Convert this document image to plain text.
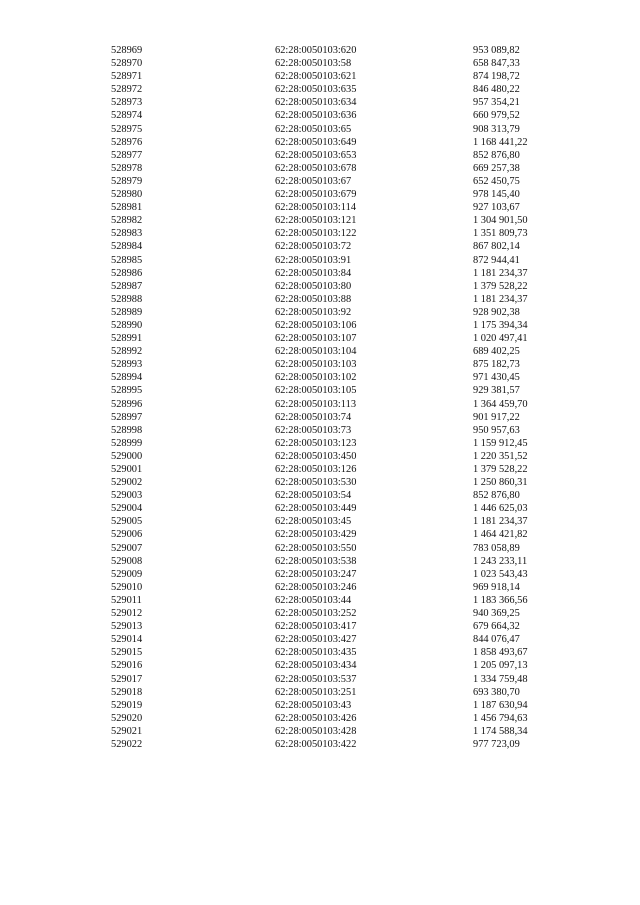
528969	62:28:0050103:620	953 089,82
528970	62:28:0050103:58	658 847,33
528971	62:28:0050103:621	874 198,72
528972	62:28:0050103:635	846 480,22
528973	62:28:0050103:634	957 354,21
528974	62:28:0050103:636	660 979,52
528975	62:28:0050103:65	908 313,79
528976	62:28:0050103:649	1 168 441,22
528977	62:28:0050103:653	852 876,80
528978	62:28:0050103:678	669 257,38
528979	62:28:0050103:67	652 450,75
528980	62:28:0050103:679	978 145,40
528981	62:28:0050103:114	927 103,67
528982	62:28:0050103:121	1 304 901,50
528983	62:28:0050103:122	1 351 809,73
528984	62:28:0050103:72	867 802,14
528985	62:28:0050103:91	872 944,41
528986	62:28:0050103:84	1 181 234,37
528987	62:28:0050103:80	1 379 528,22
528988	62:28:0050103:88	1 181 234,37
528989	62:28:0050103:92	928 902,38
528990	62:28:0050103:106	1 175 394,34
528991	62:28:0050103:107	1 020 497,41
528992	62:28:0050103:104	689 402,25
528993	62:28:0050103:103	875 182,73
528994	62:28:0050103:102	971 430,45
528995	62:28:0050103:105	929 381,57
528996	62:28:0050103:113	1 364 459,70
528997	62:28:0050103:74	901 917,22
528998	62:28:0050103:73	950 957,63
528999	62:28:0050103:123	1 159 912,45
529000	62:28:0050103:450	1 220 351,52
529001	62:28:0050103:126	1 379 528,22
529002	62:28:0050103:530	1 250 860,31
529003	62:28:0050103:54	852 876,80
529004	62:28:0050103:449	1 446 625,03
529005	62:28:0050103:45	1 181 234,37
529006	62:28:0050103:429	1 464 421,82
529007	62:28:0050103:550	783 058,89
529008	62:28:0050103:538	1 243 233,11
529009	62:28:0050103:247	1 023 543,43
529010	62:28:0050103:246	969 918,14
529011	62:28:0050103:44	1 183 366,56
529012	62:28:0050103:252	940 369,25
529013	62:28:0050103:417	679 664,32
529014	62:28:0050103:427	844 076,47
529015	62:28:0050103:435	1 858 493,67
529016	62:28:0050103:434	1 205 097,13
529017	62:28:0050103:537	1 334 759,48
529018	62:28:0050103:251	693 380,70
529019	62:28:0050103:43	1 187 630,94
529020	62:28:0050103:426	1 456 794,63
529021	62:28:0050103:428	1 174 588,34
529022	62:28:0050103:422	977 723,09
